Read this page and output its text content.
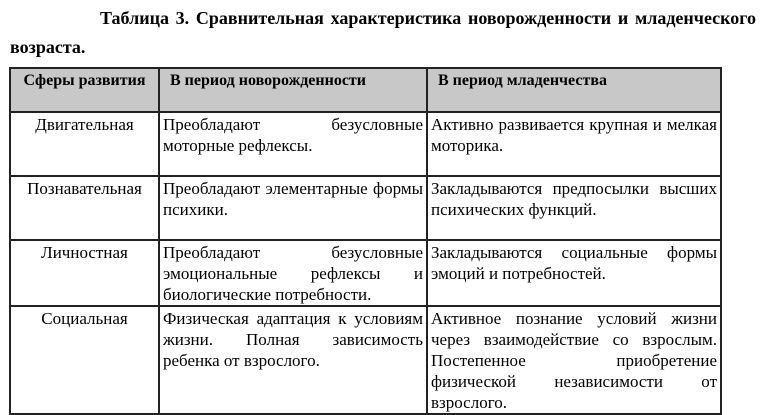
Таблица 3. Сравнительная характеристика новорожденности и младенческого возраста.
Сферы развития	В период новорожденности	В период младенчества
Двигательная	Преобладают безусловные моторные рефлексы.	Активно развивается крупная и мелкая моторика.
Познавательная	Преобладают элементарные формы психики.	Закладываются предпосылки высших психических функций.
Личностная	Преобладают безусловные эмоциональные рефлексы и биологические потребности.	Закладываются социальные формы эмоций и потребностей.
Социальная	Физическая адаптация к условиям жизни. Полная зависимость ребенка от взрослого.	Активное познание условий жизни через взаимодействие со взрослым. Постепенное приобретение физической независимости от взрослого.
